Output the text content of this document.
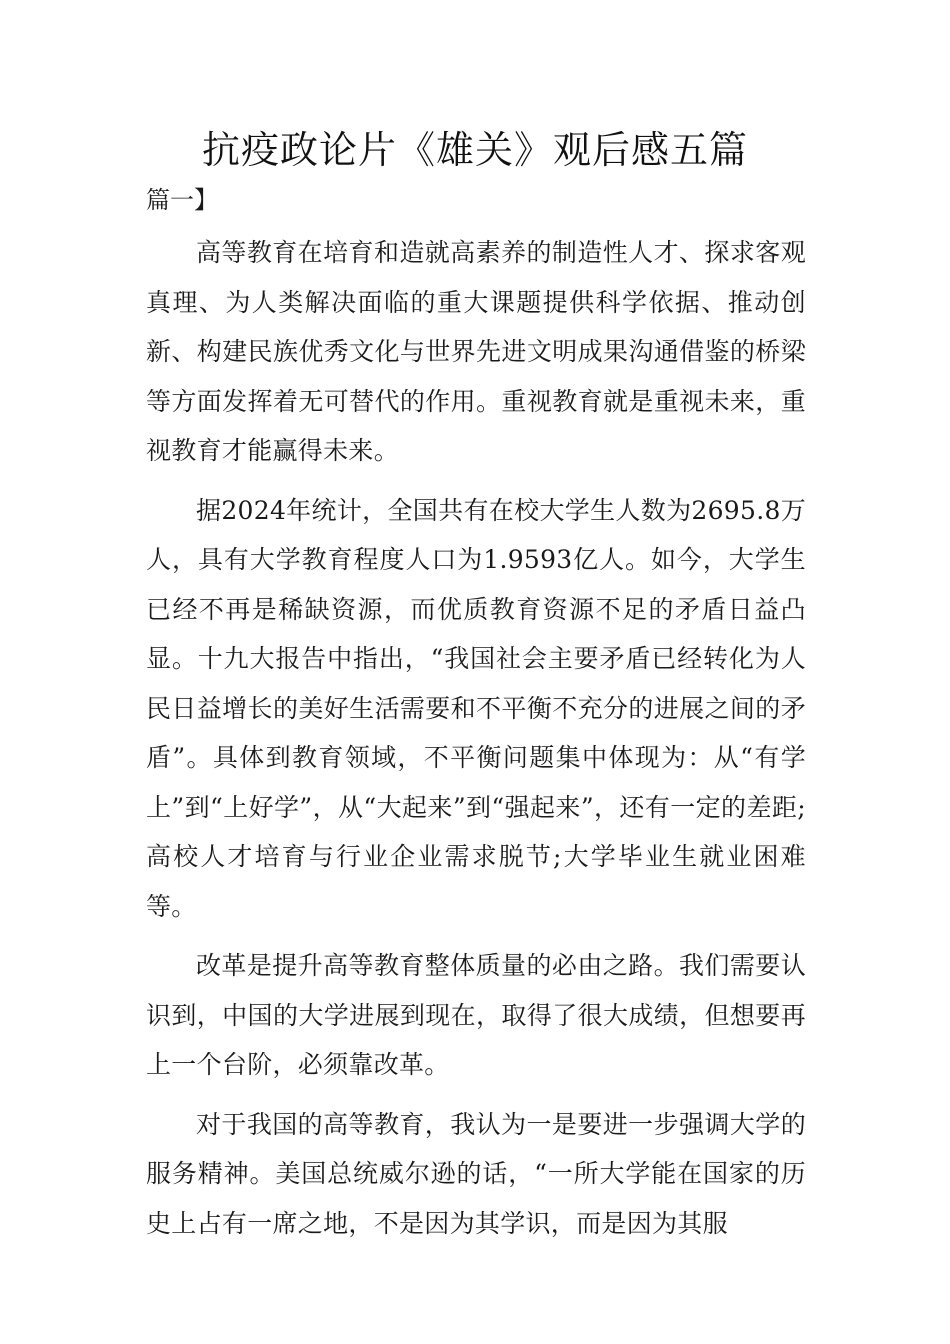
抗疫政论片《雄关》观后感五篇

篇一】

高等教育在培育和造就高素养的制造性人才、探求客观真理、为人类解决面临的重大课题提供科学依据、推动创新、构建民族优秀文化与世界先进文明成果沟通借鉴的桥梁等方面发挥着无可替代的作用。重视教育就是重视未来，重视教育才能赢得未来。

据2024年统计，全国共有在校大学生人数为2695.8万人，具有大学教育程度人口为1.9593亿人。如今，大学生已经不再是稀缺资源，而优质教育资源不足的矛盾日益凸显。十九大报告中指出，“我国社会主要矛盾已经转化为人民日益增长的美好生活需要和不平衡不充分的进展之间的矛盾”。具体到教育领域，不平衡问题集中体现为：从“有学上”到“上好学”，从“大起来”到“强起来”，还有一定的差距;高校人才培育与行业企业需求脱节;大学毕业生就业困难等。

改革是提升高等教育整体质量的必由之路。我们需要认识到，中国的大学进展到现在，取得了很大成绩，但想要再上一个台阶，必须靠改革。

对于我国的高等教育，我认为一是要进一步强调大学的服务精神。美国总统威尔逊的话，“一所大学能在国家的历史上占有一席之地，不是因为其学识，而是因为其服
